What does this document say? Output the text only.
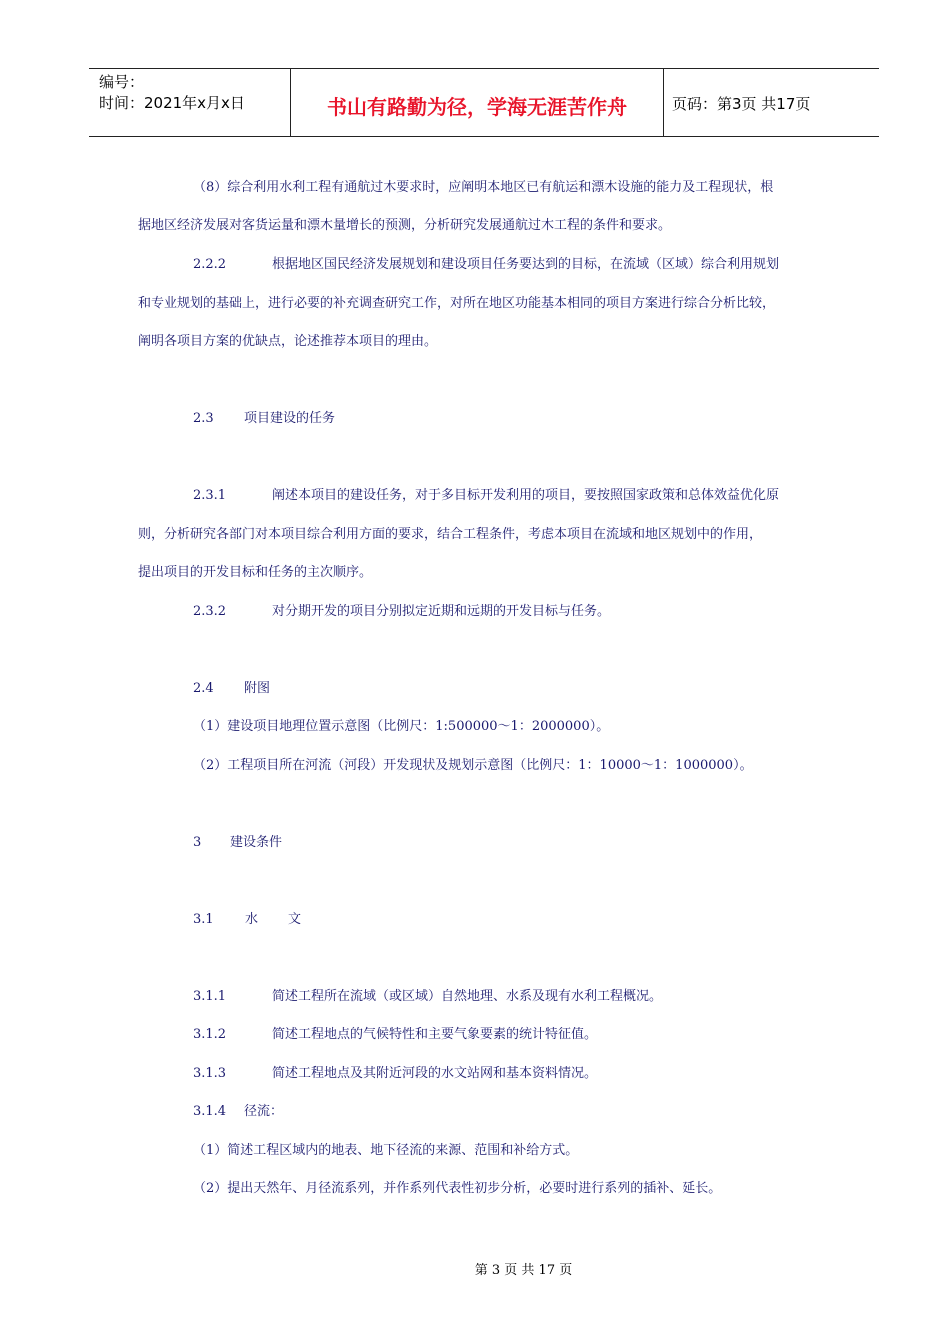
编号：
时间：2021年x月x日	书山有路勤为径，学海无涯苦作舟	页码：第3页 共17页
（8）综合利用水利工程有通航过木要求时，应阐明本地区已有航运和漂木设施的能力及工程现状，根
据地区经济发展对客货运量和漂木量增长的预测，分析研究发展通航过木工程的条件和要求。
2.2.2	根据地区国民经济发展规划和建设项目任务要达到的目标，在流域（区域）综合利用规划
和专业规划的基础上，进行必要的补充调查研究工作，对所在地区功能基本相同的项目方案进行综合分析比较，
阐明各项目方案的优缺点，论述推荐本项目的理由。
2.3 项目建设的任务
2.3.1	阐述本项目的建设任务，对于多目标开发利用的项目，要按照国家政策和总体效益优化原
则，分析研究各部门对本项目综合利用方面的要求，结合工程条件，考虑本项目在流域和地区规划中的作用，
提出项目的开发目标和任务的主次顺序。
2.3.2	对分期开发的项目分别拟定近期和远期的开发目标与任务。
2.4 附图
（1）建设项目地理位置示意图（比例尺：1:500000～1：2000000）。
（2）工程项目所在河流（河段）开发现状及规划示意图（比例尺：1：10000～1：1000000）。
3 建设条件
3.1 水 文
3.1.1	简述工程所在流域（或区域）自然地理、水系及现有水利工程概况。
3.1.2	简述工程地点的气候特性和主要气象要素的统计特征值。
3.1.3	简述工程地点及其附近河段的水文站网和基本资料情况。
3.1.4 径流：
（1）简述工程区域内的地表、地下径流的来源、范围和补给方式。
（2）提出天然年、月径流系列，并作系列代表性初步分析，必要时进行系列的插补、延长。
第 3 页 共 17 页
